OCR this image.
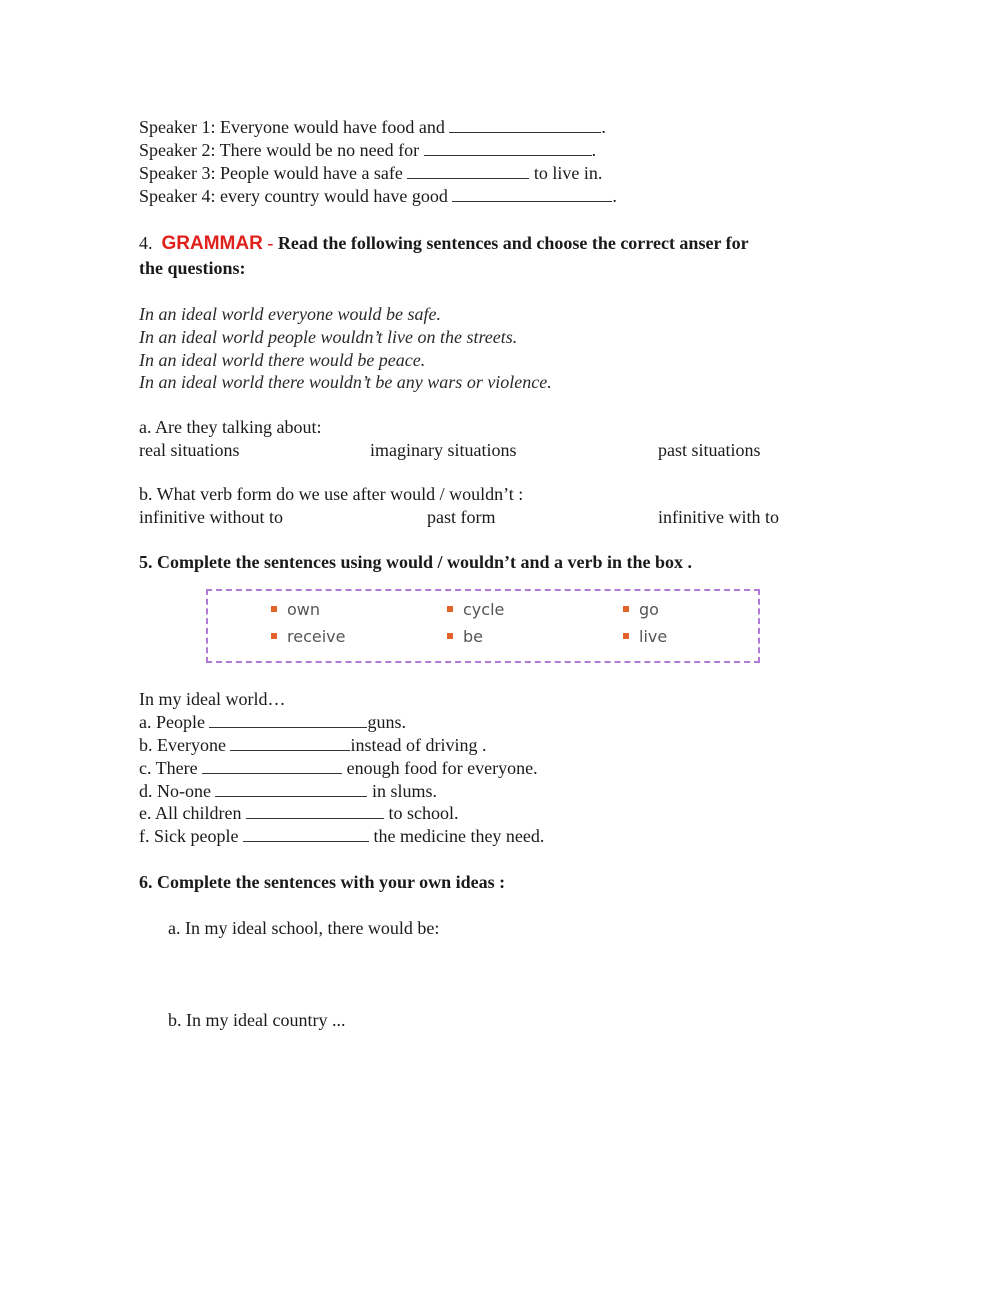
Speaker 1: Everyone would have food and	.
Speaker 2: There would be no need for	.
Speaker 3: People would have a safe	to live in.
Speaker 4: every country would have good	.
4. GRAMMAR - Read the following sentences and choose the correct anser for
the questions:
In an ideal world everyone would be safe.
In an ideal world people wouldn’t live on the streets.
In an ideal world there would be peace.
In an ideal world there wouldn’t be any wars or violence.
a. Are they talking about:
real situations	imaginary situations	past situations
b. What verb form do we use after would / wouldn’t :
infinitive without to	past form	infinitive with to
5. Complete the sentences using would / wouldn’t and a verb in the box .
own	cycle	go
receive	be	live
In my ideal world…
a. People	guns.
b. Everyone	instead of driving .
c. There	enough food for everyone.
d. No-one	in slums.
e. All children	to school.
f. Sick people	the medicine they need.
6. Complete the sentences with your own ideas :
a. In my ideal school, there would be:
b. In my ideal country ...
